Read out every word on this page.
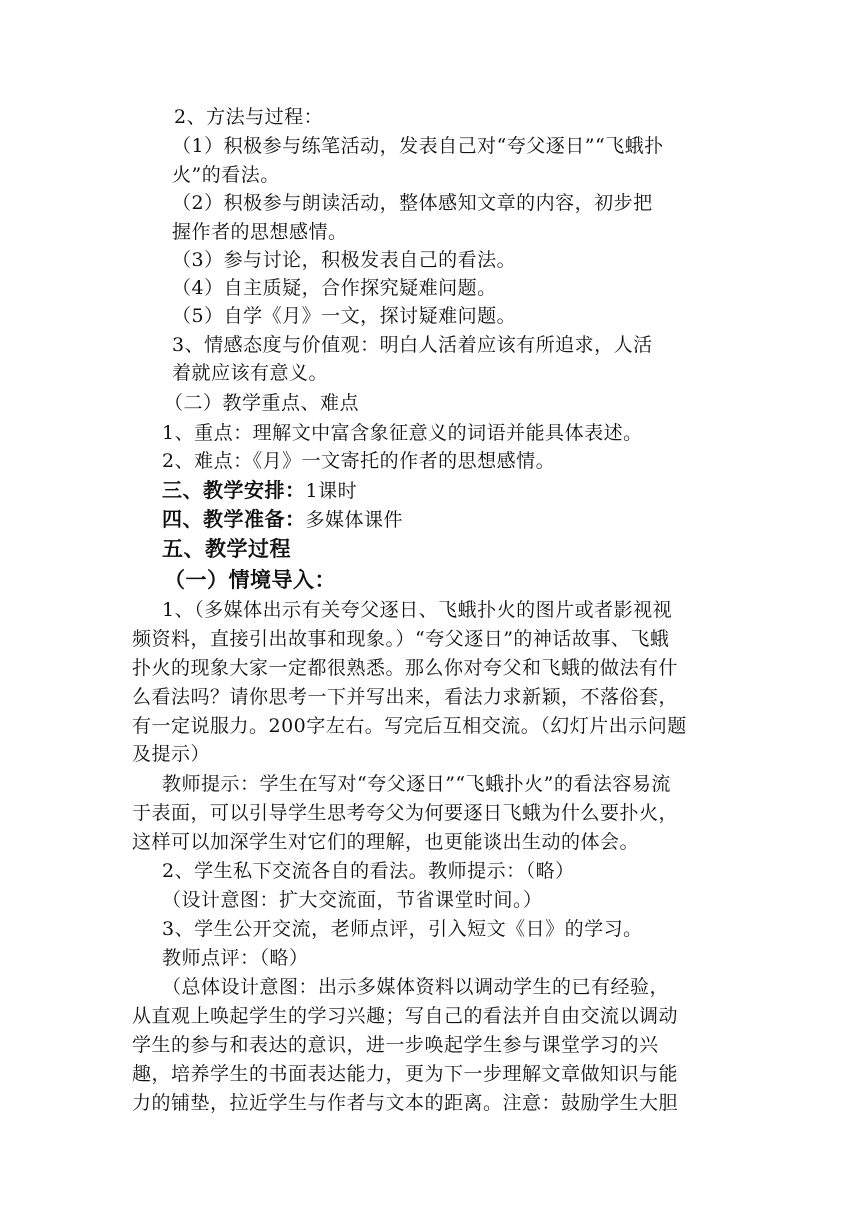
2、方法与过程：
（1）积极参与练笔活动，发表自己对“夸父逐日”“飞蛾扑
火”的看法。
（2）积极参与朗读活动，整体感知文章的内容，初步把
握作者的思想感情。
（3）参与讨论，积极发表自己的看法。
（4）自主质疑，合作探究疑难问题。
（5）自学《月》一文，探讨疑难问题。
3、情感态度与价值观：明白人活着应该有所追求，人活
着就应该有意义。
（二）教学重点、难点
1、重点：理解文中富含象征意义的词语并能具体表述。
2、难点：《月》一文寄托的作者的思想感情。
三、教学安排：1课时
四、教学准备：多媒体课件
五、教学过程
（一）情境导入：
1、（多媒体出示有关夸父逐日、飞蛾扑火的图片或者影视视
频资料，直接引出故事和现象。）“夸父逐日”的神话故事、飞蛾
扑火的现象大家一定都很熟悉。那么你对夸父和飞蛾的做法有什
么看法吗？请你思考一下并写出来，看法力求新颖，不落俗套，
有一定说服力。200字左右。写完后互相交流。（幻灯片出示问题
及提示）
教师提示：学生在写对“夸父逐日”“飞蛾扑火”的看法容易流
于表面，可以引导学生思考夸父为何要逐日飞蛾为什么要扑火，
这样可以加深学生对它们的理解，也更能谈出生动的体会。
2、学生私下交流各自的看法。教师提示：（略）
（设计意图：扩大交流面，节省课堂时间。）
3、学生公开交流，老师点评，引入短文《日》的学习。
教师点评：（略）
（总体设计意图：出示多媒体资料以调动学生的已有经验，
从直观上唤起学生的学习兴趣；写自己的看法并自由交流以调动
学生的参与和表达的意识，进一步唤起学生参与课堂学习的兴
趣，培养学生的书面表达能力，更为下一步理解文章做知识与能
力的铺垫，拉近学生与作者与文本的距离。注意：鼓励学生大胆
